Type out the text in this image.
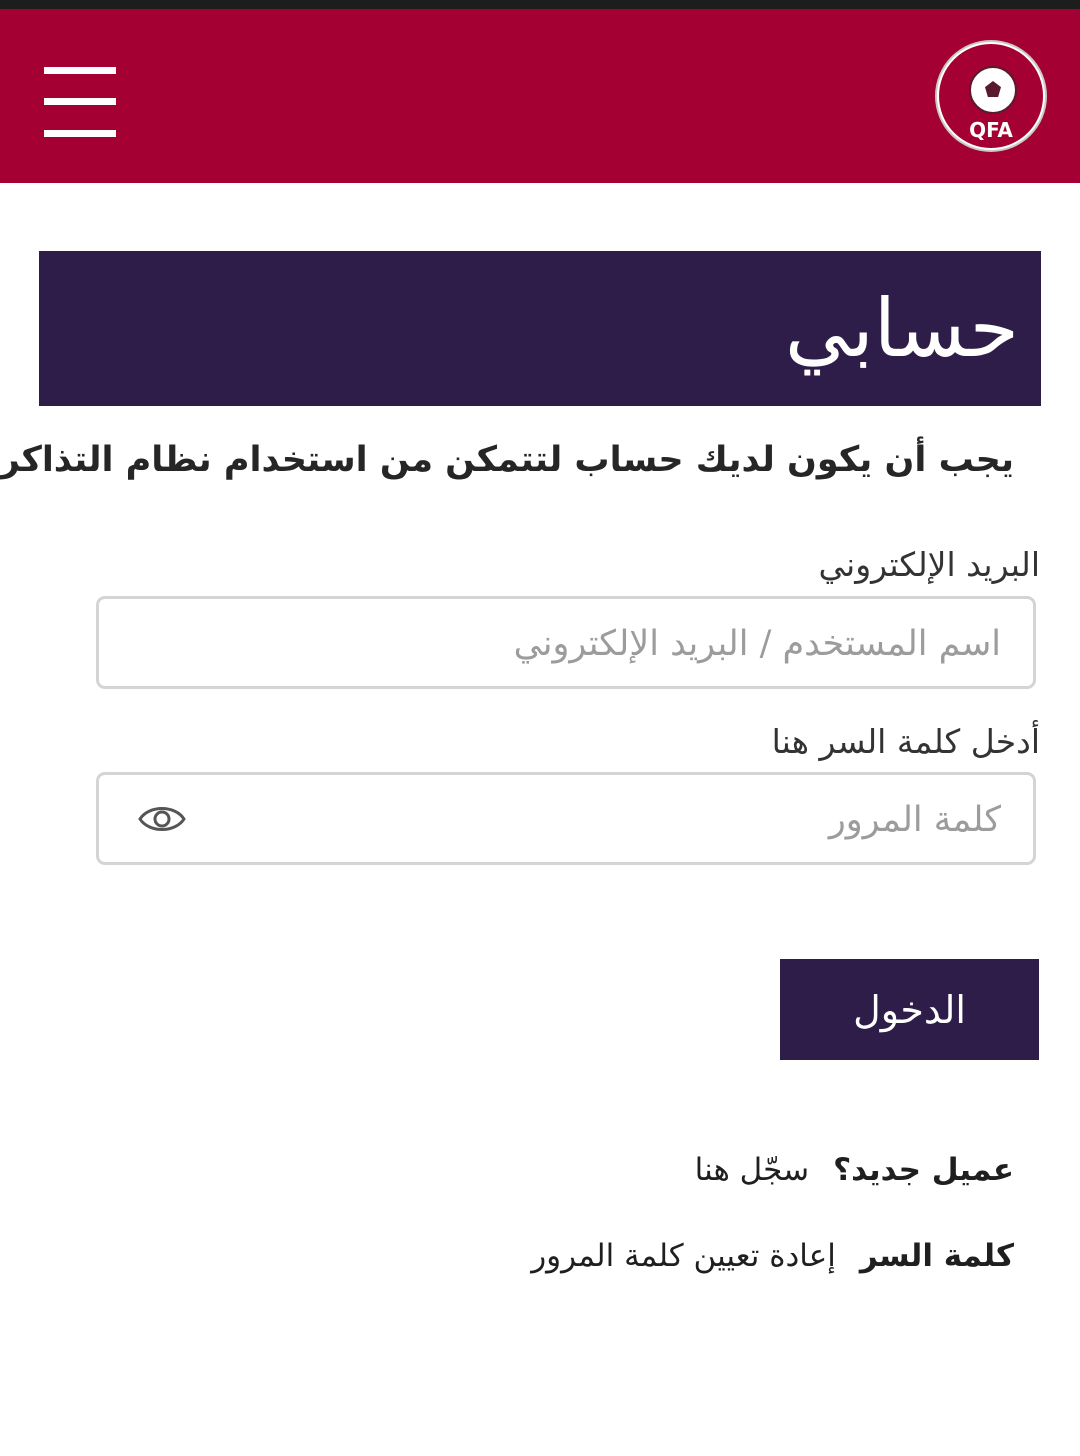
QFA
حسابي
يجب أن يكون لديك حساب لتتمكن من استخدام نظام التذاكر
البريد الإلكتروني
اسم المستخدم / البريد الإلكتروني
أدخل كلمة السر هنا
الدخول
عميل جديد؟سجّل هنا
كلمة السرإعادة تعيين كلمة المرور
